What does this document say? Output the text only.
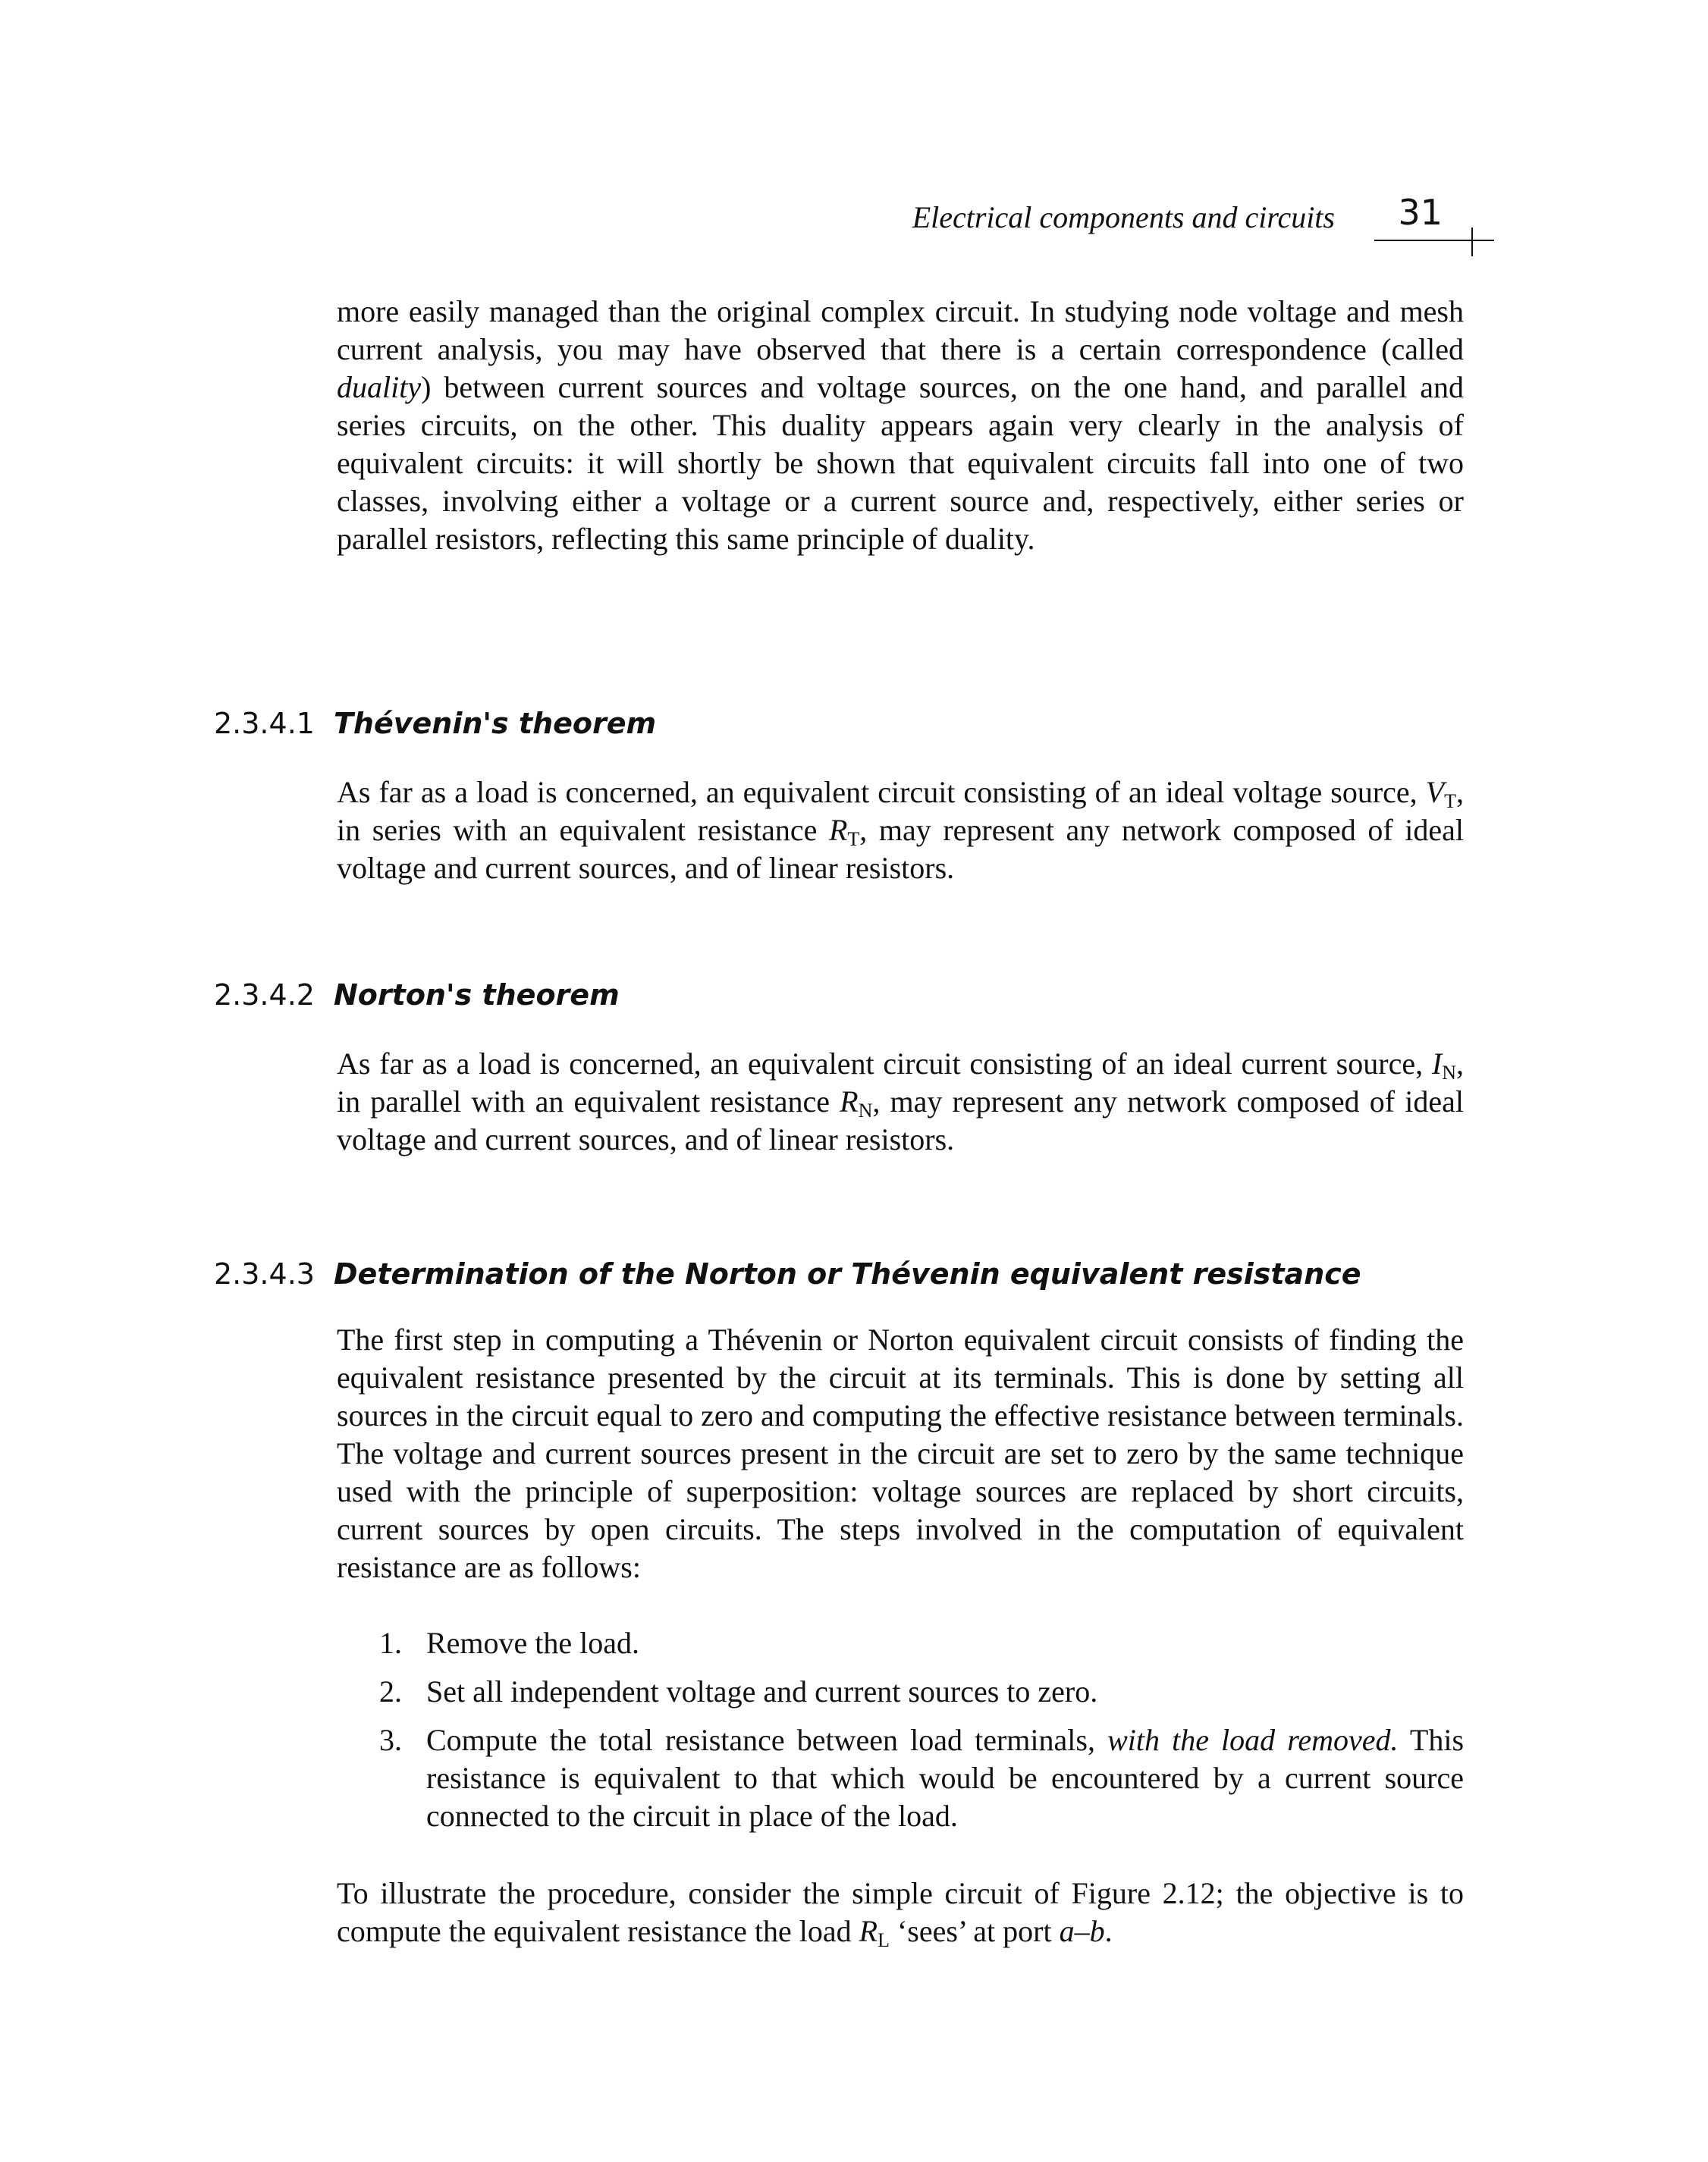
Electrical components and circuits	31

more easily managed than the original complex circuit. In studying node voltage and mesh current analysis, you may have observed that there is a certain correspondence (called duality) between current sources and voltage sources, on the one hand, and parallel and series circuits, on the other. This duality appears again very clearly in the analysis of equivalent circuits: it will shortly be shown that equivalent circuits fall into one of two classes, involving either a voltage or a current source and, respectively, either series or parallel resistors, reflecting this same principle of duality.

2.3.4.1 Thévenin's theorem

As far as a load is concerned, an equivalent circuit consisting of an ideal voltage source, $V_T$, in series with an equivalent resistance $R_T$, may represent any network composed of ideal voltage and current sources, and of linear resistors.

2.3.4.2 Norton's theorem

As far as a load is concerned, an equivalent circuit consisting of an ideal current source, $I_N$, in parallel with an equivalent resistance $R_N$, may represent any network composed of ideal voltage and current sources, and of linear resistors.

2.3.4.3 Determination of the Norton or Thévenin equivalent resistance

The first step in computing a Thévenin or Norton equivalent circuit consists of finding the equivalent resistance presented by the circuit at its terminals. This is done by setting all sources in the circuit equal to zero and computing the effective resistance between terminals. The voltage and current sources present in the circuit are set to zero by the same technique used with the principle of superposition: voltage sources are replaced by short circuits, current sources by open circuits. The steps involved in the computation of equivalent resistance are as follows:

1. Remove the load.
2. Set all independent voltage and current sources to zero.
3. Compute the total resistance between load terminals, with the load removed. This resistance is equivalent to that which would be encountered by a current source connected to the circuit in place of the load.

To illustrate the procedure, consider the simple circuit of Figure 2.12; the objective is to compute the equivalent resistance the load $R_L$ ‘sees’ at port a–b.
